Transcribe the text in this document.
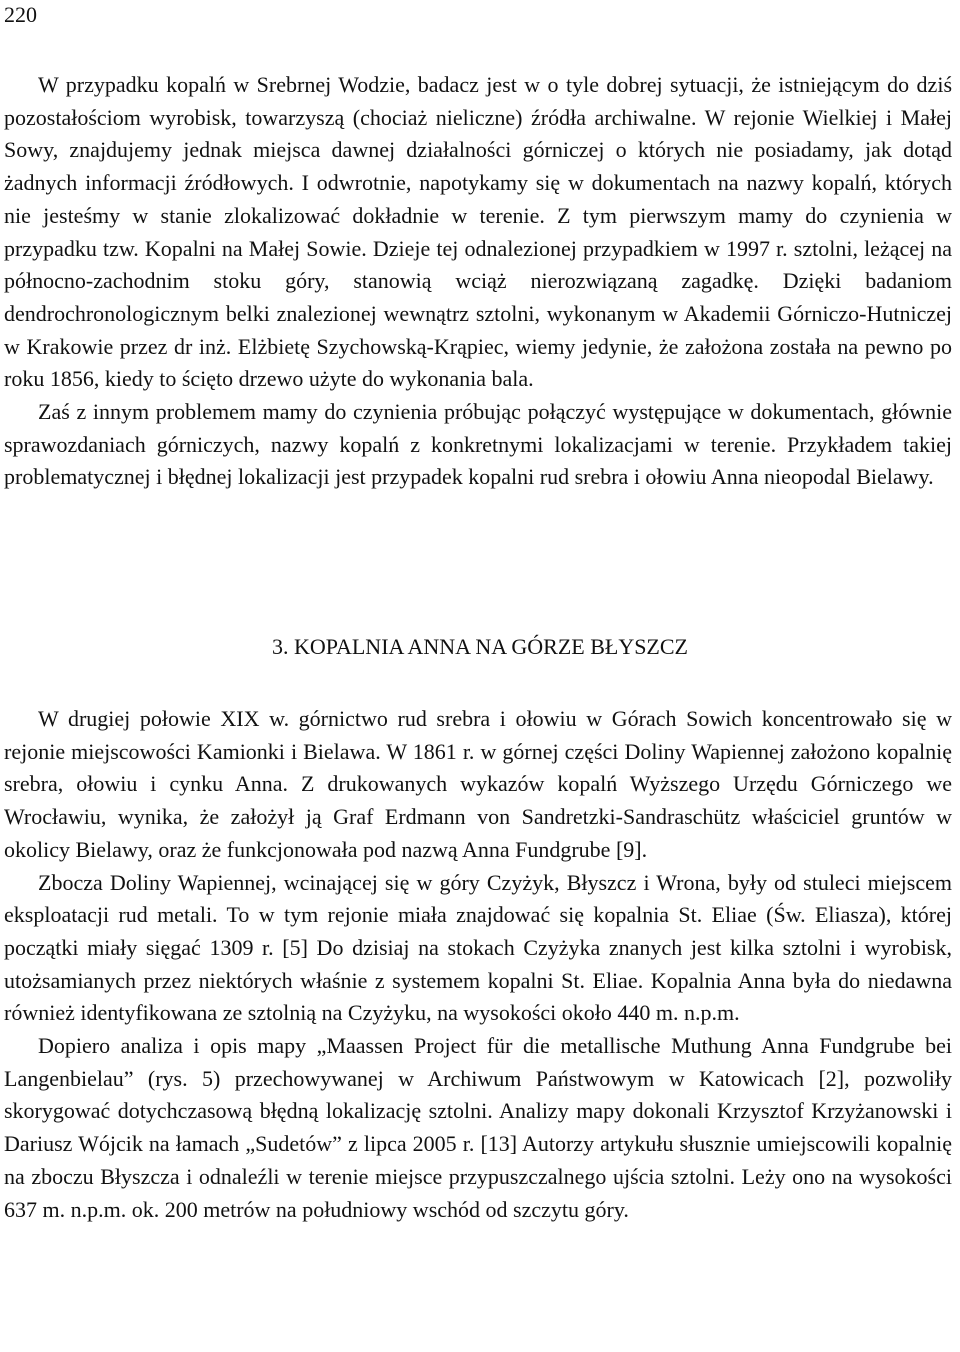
220

W przypadku kopalń w Srebrnej Wodzie, badacz jest w o tyle dobrej sytuacji, że istniejącym do dziś pozostałościom wyrobisk, towarzyszą (chociaż nieliczne) źródła archiwalne. W rejonie Wielkiej i Małej Sowy, znajdujemy jednak miejsca dawnej działalności górniczej o których nie posiadamy, jak dotąd żadnych informacji źródłowych. I odwrotnie, napotykamy się w dokumentach na nazwy kopalń, których nie jesteśmy w stanie zlokalizować dokładnie w terenie. Z tym pierwszym mamy do czynienia w przypadku tzw. Kopalni na Małej Sowie. Dzieje tej odnalezionej przypadkiem w 1997 r. sztolni, leżącej na północno-zachodnim stoku góry, stanowią wciąż nierozwiązaną zagadkę. Dzięki badaniom dendrochronologicznym belki znalezionej wewnątrz sztolni, wykonanym w Akademii Górniczo-Hutniczej w Krakowie przez dr inż. Elżbietę Szychowską-Krąpiec, wiemy jedynie, że założona została na pewno po roku 1856, kiedy to ścięto drzewo użyte do wykonania bala.

Zaś z innym problemem mamy do czynienia próbując połączyć występujące w dokumentach, głównie sprawozdaniach górniczych, nazwy kopalń z konkretnymi lokalizacjami w terenie. Przykładem takiej problematycznej i błędnej lokalizacji jest przypadek kopalni rud srebra i ołowiu Anna nieopodal Bielawy.

3. KOPALNIA ANNA NA GÓRZE BŁYSZCZ

W drugiej połowie XIX w. górnictwo rud srebra i ołowiu w Górach Sowich koncentrowało się w rejonie miejscowości Kamionki i Bielawa. W 1861 r. w górnej części Doliny Wapiennej założono kopalnię srebra, ołowiu i cynku Anna. Z drukowanych wykazów kopalń Wyższego Urzędu Górniczego we Wrocławiu, wynika, że założył ją Graf Erdmann von Sandretzki-Sandraschütz właściciel gruntów w okolicy Bielawy, oraz że funkcjonowała pod nazwą Anna Fundgrube [9].

Zbocza Doliny Wapiennej, wcinającej się w góry Czyżyk, Błyszcz i Wrona, były od stuleci miejscem eksploatacji rud metali. To w tym rejonie miała znajdować się kopalnia St. Eliae (Św. Eliasza), której początki miały sięgać 1309 r. [5] Do dzisiaj na stokach Czyżyka znanych jest kilka sztolni i wyrobisk, utożsamianych przez niektórych właśnie z systemem kopalni St. Eliae. Kopalnia Anna była do niedawna również identyfikowana ze sztolnią na Czyżyku, na wysokości około 440 m. n.p.m.

Dopiero analiza i opis mapy „Maassen Project für die metallische Muthung Anna Fundgrube bei Langenbielau” (rys. 5) przechowywanej w Archiwum Państwowym w Katowicach [2], pozwoliły skorygować dotychczasową błędną lokalizację sztolni. Analizy mapy dokonali Krzysztof Krzyżanowski i Dariusz Wójcik na łamach „Sudetów” z lipca 2005 r. [13] Autorzy artykułu słusznie umiejscowili kopalnię na zboczu Błyszcza i odnaleźli w terenie miejsce przypuszczalnego ujścia sztolni. Leży ono na wysokości 637 m. n.p.m. ok. 200 metrów na południowy wschód od szczytu góry.
